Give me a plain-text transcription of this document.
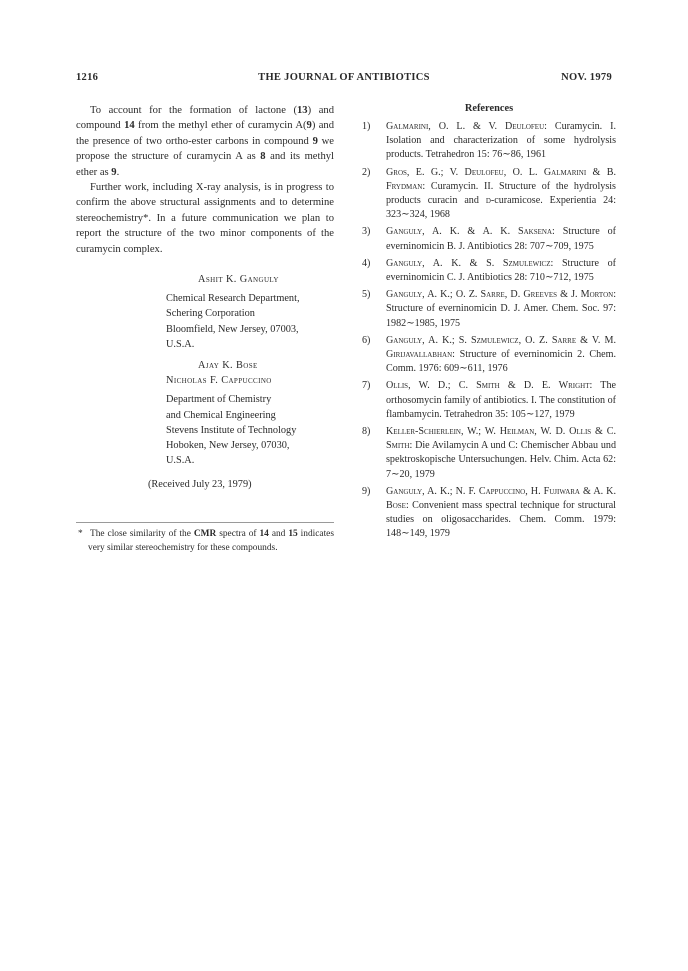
1216	THE JOURNAL OF ANTIBIOTICS	NOV. 1979

To account for the formation of lactone (13) and compound 14 from the methyl ether of curamycin A(9) and the presence of two ortho-ester carbons in compound 9 we propose the structure of curamycin A as 8 and its methyl ether as 9.

Further work, including X-ray analysis, is in progress to confirm the above structural assignments and to determine stereochemistry*. In a future communication we plan to report the structure of the two minor components of the curamycin complex.

Ashit K. Ganguly
Chemical Research Department,
Schering Corporation
Bloomfield, New Jersey, 07003,
U.S.A.
Ajay K. Bose
Nicholas F. Cappuccino
Department of Chemistry
and Chemical Engineering
Stevens Institute of Technology
Hoboken, New Jersey, 07030,
U.S.A.
(Received July 23, 1979)
* The close similarity of the CMR spectra of 14 and 15 indicates very similar stereochemistry for these compounds.
References
1)	Galmarini, O. L. & V. Deulofeu: Curamycin. I. Isolation and characterization of some hydrolysis products. Tetrahedron 15: 76∼86, 1961
2)	Gros, E. G.; V. Deulofeu, O. L. Galmarini & B. Frydman: Curamycin. II. Structure of the hydrolysis products curacin and d-curamicose. Experientia 24: 323∼324, 1968
3)	Ganguly, A. K. & A. K. Saksena: Structure of everninomicin B. J. Antibiotics 28: 707∼709, 1975
4)	Ganguly, A. K. & S. Szmulewicz: Structure of everninomicin C. J. Antibiotics 28: 710∼712, 1975
5)	Ganguly, A. K.; O. Z. Sarre, D. Greeves & J. Morton: Structure of everninomicin D. J. Amer. Chem. Soc. 97: 1982∼1985, 1975
6)	Ganguly, A. K.; S. Szmulewicz, O. Z. Sarre & V. M. Girijavallabhan: Structure of everninomicin 2. Chem. Comm. 1976: 609∼611, 1976
7)	Ollis, W. D.; C. Smith & D. E. Wright: The orthosomycin family of antibiotics. I. The constitution of flambamycin. Tetrahedron 35: 105∼127, 1979
8)	Keller-Schierlein, W.; W. Heilman, W. D. Ollis & C. Smith: Die Avilamycin A und C: Chemischer Abbau und spektroskopische Untersuchungen. Helv. Chim. Acta 62: 7∼20, 1979
9)	Ganguly, A. K.; N. F. Cappuccino, H. Fujiwara & A. K. Bose: Convenient mass spectral technique for structural studies on oligosaccharides. Chem. Comm. 1979: 148∼149, 1979
